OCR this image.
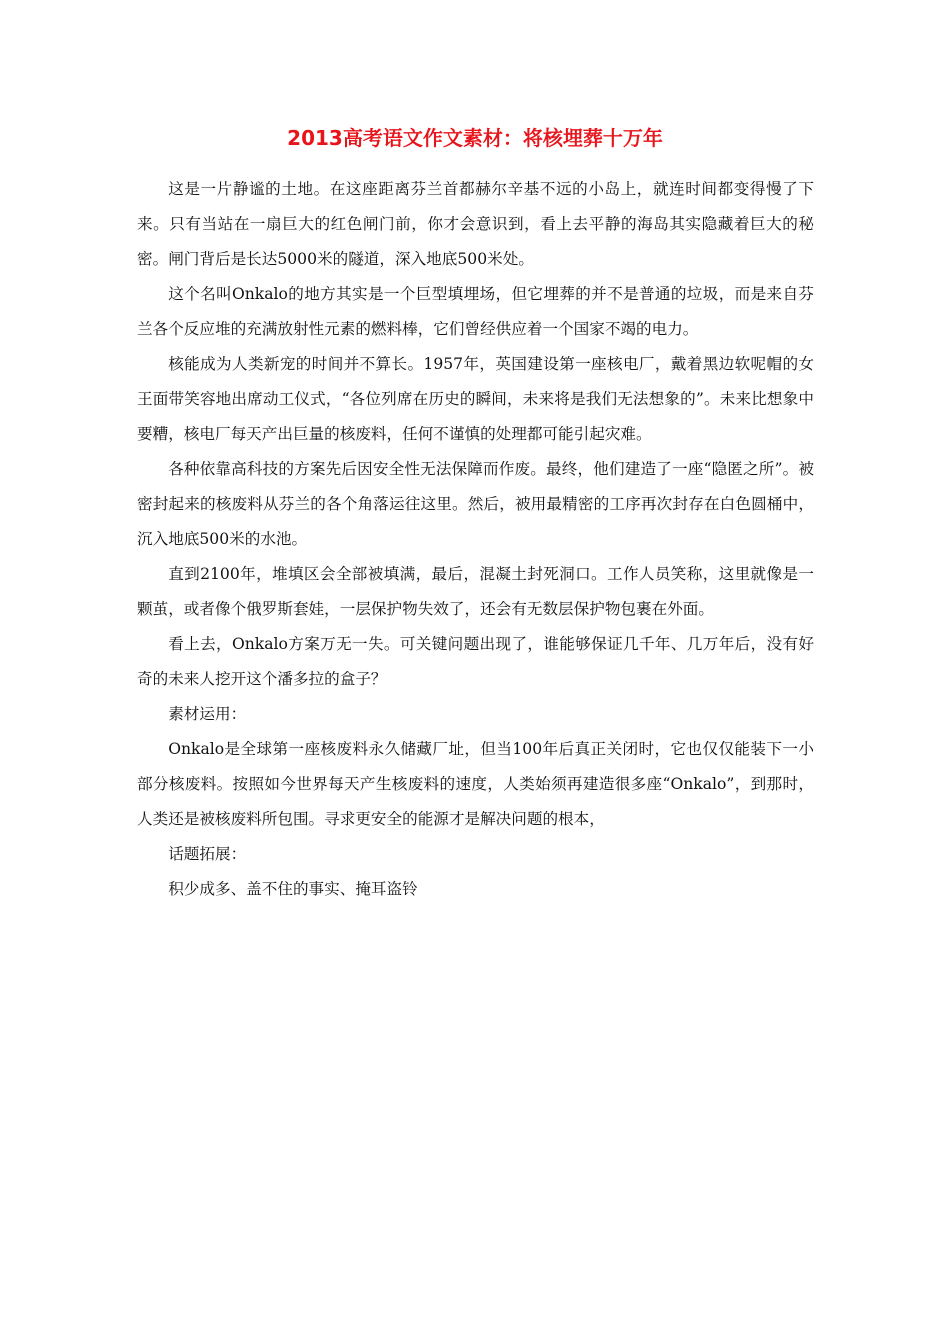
2013高考语文作文素材：将核埋葬十万年

这是一片静谧的土地。在这座距离芬兰首都赫尔辛基不远的小岛上，就连时间都变得慢了下来。只有当站在一扇巨大的红色闸门前，你才会意识到，看上去平静的海岛其实隐藏着巨大的秘密。闸门背后是长达5000米的隧道，深入地底500米处。

这个名叫Onkalo的地方其实是一个巨型填埋场，但它埋葬的并不是普通的垃圾，而是来自芬兰各个反应堆的充满放射性元素的燃料棒，它们曾经供应着一个国家不竭的电力。

核能成为人类新宠的时间并不算长。1957年，英国建设第一座核电厂，戴着黑边软呢帽的女王面带笑容地出席动工仪式，“各位列席在历史的瞬间，未来将是我们无法想象的”。未来比想象中要糟，核电厂每天产出巨量的核废料，任何不谨慎的处理都可能引起灾难。

各种依靠高科技的方案先后因安全性无法保障而作废。最终，他们建造了一座“隐匿之所”。被密封起来的核废料从芬兰的各个角落运往这里。然后，被用最精密的工序再次封存在白色圆桶中，沉入地底500米的水池。

直到2100年，堆填区会全部被填满，最后，混凝土封死洞口。工作人员笑称，这里就像是一颗茧，或者像个俄罗斯套娃，一层保护物失效了，还会有无数层保护物包裹在外面。

看上去，Onkalo方案万无一失。可关键问题出现了，谁能够保证几千年、几万年后，没有好奇的未来人挖开这个潘多拉的盒子？

素材运用：

Onkalo是全球第一座核废料永久储藏厂址，但当100年后真正关闭时，它也仅仅能装下一小部分核废料。按照如今世界每天产生核废料的速度，人类始须再建造很多座“Onkalo”，到那时，人类还是被核废料所包围。寻求更安全的能源才是解决问题的根本，

话题拓展：

积少成多、盖不住的事实、掩耳盗铃
